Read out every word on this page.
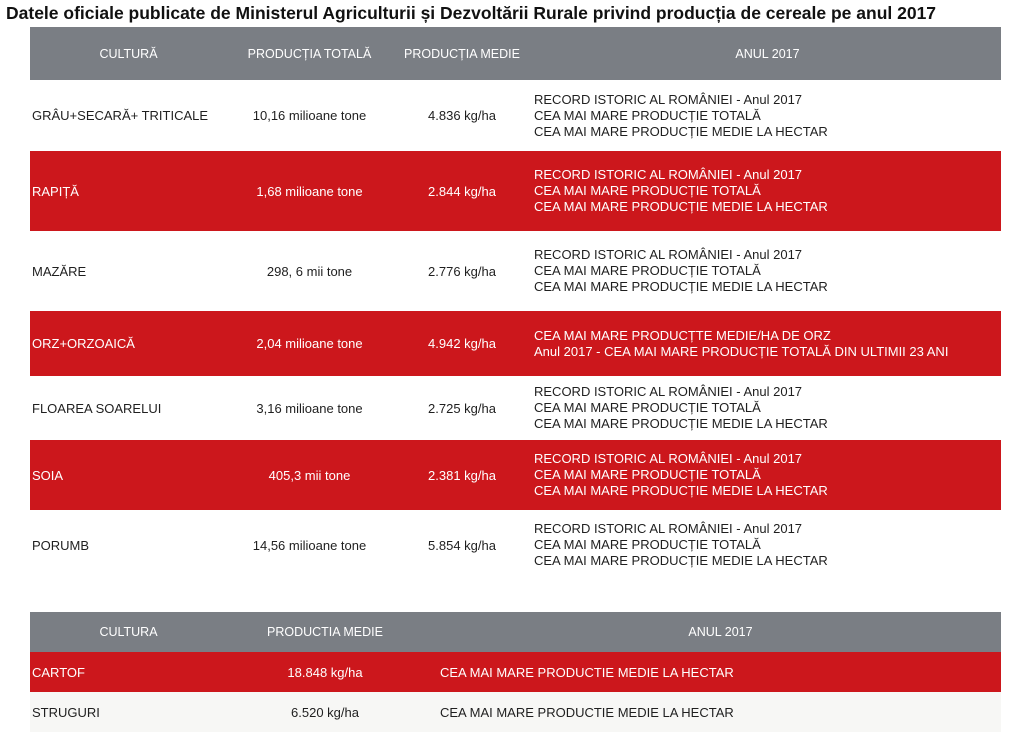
Datele oficiale publicate de Ministerul Agriculturii și Dezvoltării Rurale privind producția de cereale pe anul 2017
CULTURĂ	PRODUCȚIA TOTALĂ	PRODUCȚIA MEDIE	ANUL 2017
GRÂU+SECARĂ+ TRITICALE	10,16 milioane tone	4.836 kg/ha
RECORD ISTORIC AL ROMÂNIEI - Anul 2017
CEA MAI MARE PRODUCȚIE TOTALĂ
CEA MAI MARE PRODUCȚIE MEDIE LA HECTAR
RAPIȚĂ	1,68 milioane tone	2.844 kg/ha
RECORD ISTORIC AL ROMÂNIEI - Anul 2017
CEA MAI MARE PRODUCȚIE TOTALĂ
CEA MAI MARE PRODUCȚIE MEDIE LA HECTAR
MAZĂRE	298, 6 mii tone	2.776 kg/ha
RECORD ISTORIC AL ROMÂNIEI - Anul 2017
CEA MAI MARE PRODUCȚIE TOTALĂ
CEA MAI MARE PRODUCȚIE MEDIE LA HECTAR
ORZ+ORZOAICĂ	2,04 milioane tone	4.942 kg/ha
CEA MAI MARE PRODUCȚTE MEDIE/HA DE ORZ
Anul 2017 - CEA MAI MARE PRODUCȚIE TOTALĂ DIN ULTIMII 23 ANI
FLOAREA SOARELUI	3,16 milioane tone	2.725 kg/ha
RECORD ISTORIC AL ROMÂNIEI - Anul 2017
CEA MAI MARE PRODUCȚIE TOTALĂ
CEA MAI MARE PRODUCȚIE MEDIE LA HECTAR
SOIA	405,3 mii tone	2.381 kg/ha
RECORD ISTORIC AL ROMÂNIEI - Anul 2017
CEA MAI MARE PRODUCȚIE TOTALĂ
CEA MAI MARE PRODUCȚIE MEDIE LA HECTAR
PORUMB	14,56 milioane tone	5.854 kg/ha
RECORD ISTORIC AL ROMÂNIEI - Anul 2017
CEA MAI MARE PRODUCȚIE TOTALĂ
CEA MAI MARE PRODUCȚIE MEDIE LA HECTAR
CULTURA	PRODUCTIA MEDIE	ANUL 2017
CARTOF	18.848 kg/ha	CEA MAI MARE PRODUCTIE MEDIE LA HECTAR
STRUGURI	6.520 kg/ha	CEA MAI MARE PRODUCTIE MEDIE LA HECTAR
